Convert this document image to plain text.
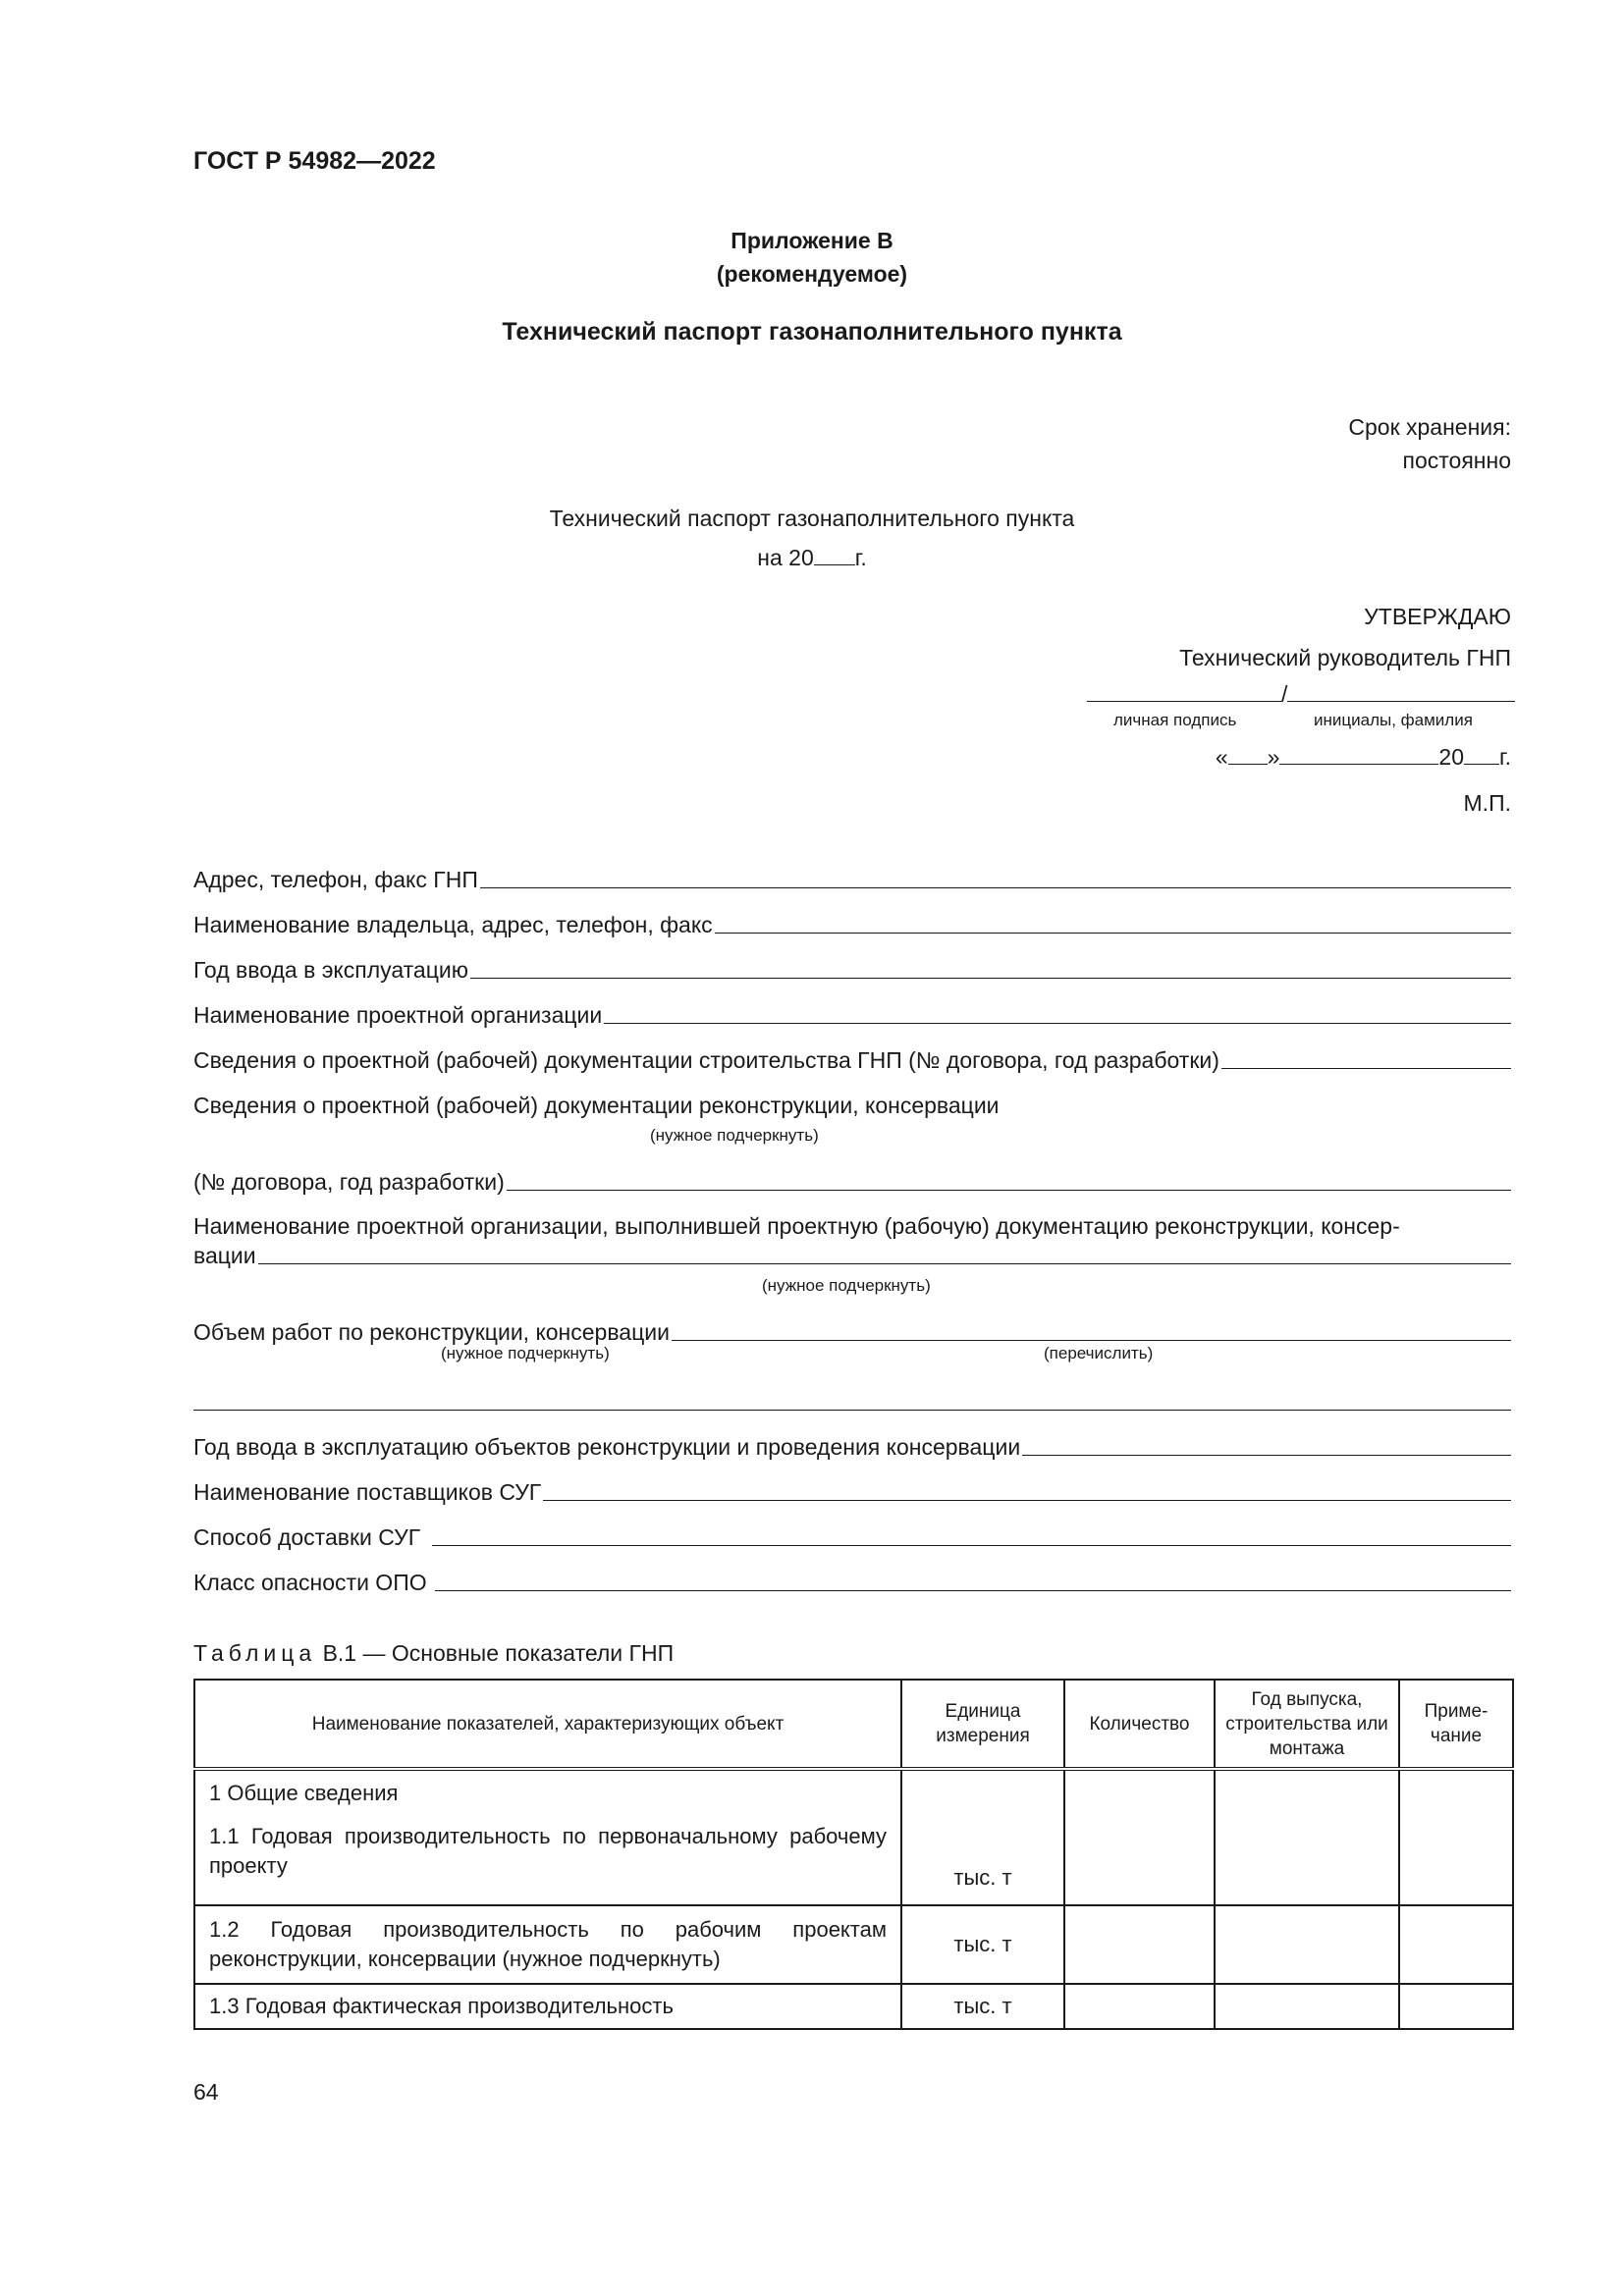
ГОСТ Р 54982—2022
Приложение В
(рекомендуемое)
Технический паспорт газонаполнительного пункта
Срок хранения:
постоянно
Технический паспорт газонаполнительного пункта
на 20 г.
УТВЕРЖДАЮ
Технический руководитель ГНП
/
личная подпись	инициалы, фамилия
« »	20 г.
М.П.
Адрес, телефон, факс ГНП
Наименование владельца, адрес, телефон, факс
Год ввода в эксплуатацию
Наименование проектной организации
Сведения о проектной (рабочей) документации строительства ГНП (№ договора, год разработки)
Сведения о проектной (рабочей) документации реконструкции, консервации
(нужное подчеркнуть)
(№ договора, год разработки)
Наименование проектной организации, выполнившей проектную (рабочую) документацию реконструкции, консер-
вации
(нужное подчеркнуть)
Объем работ по реконструкции, консервации
(нужное подчеркнуть)	(перечислить)
Год ввода в эксплуатацию объектов реконструкции и проведения консервации
Наименование поставщиков СУГ
Способ доставки СУГ
Класс опасности ОПО
Таблица В.1 — Основные показатели ГНП
Наименование показателей, характеризующих объект	Единица измерения	Количество	Год выпуска, строительства или монтажа	Приме-чание

1 Общие сведения
1.1 Годовая производительность по первоначальному рабочему проекту	тыс. т			
1.2 Годовая производительность по рабочим проектам реконструкции, консервации (нужное подчеркнуть)	тыс. т			
1.3 Годовая фактическая производительность	тыс. т			
64
